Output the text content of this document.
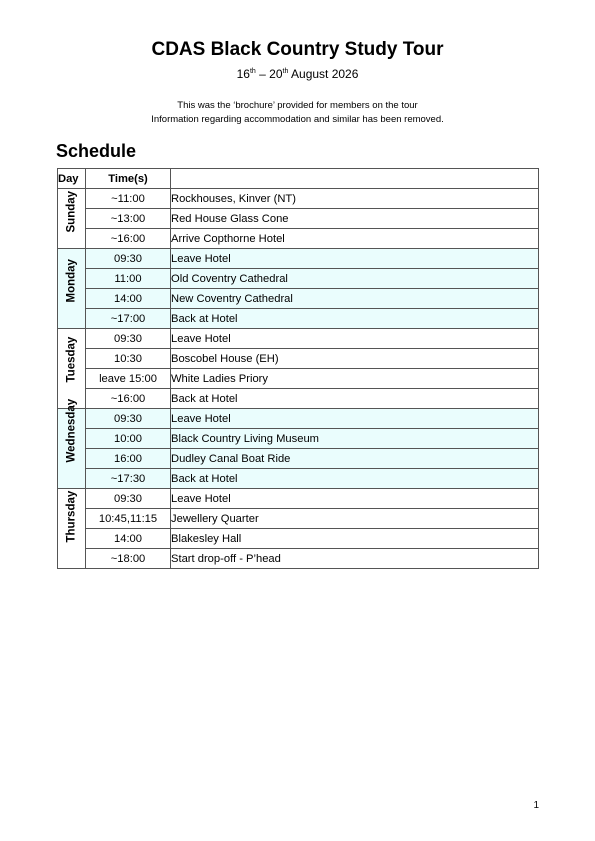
CDAS Black Country Study Tour
16th – 20th August 2026
This was the ‘brochure’ provided for members on the tour
Information regarding accommodation and similar has been removed.
Schedule
Day	Time(s)	

Sunday	~11:00	Rockhouses, Kinver (NT)
	~13:00	Red House Glass Cone
	~16:00	Arrive Copthorne Hotel

Monday	09:30	Leave Hotel
	11:00	Old Coventry Cathedral
	14:00	New Coventry Cathedral
	~17:00	Back at Hotel

Tuesday	09:30	Leave Hotel
	10:30	Boscobel House (EH)
	leave 15:00	White Ladies Priory
	~16:00	Back at Hotel

Wednesday	09:30	Leave Hotel
	10:00	Black Country Living Museum
	16:00	Dudley Canal Boat Ride
	~17:30	Back at Hotel

Thursday	09:30	Leave Hotel
	10:45,11:15	Jewellery Quarter
	14:00	Blakesley Hall
	~18:00	Start drop-off - P’head
1
